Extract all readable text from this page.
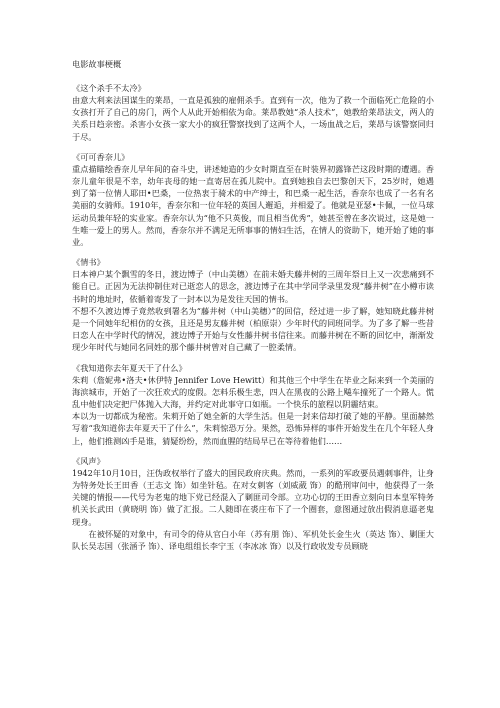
电影故事梗概
《这个杀手不太冷》

由意大利来法国谋生的莱昂，一直是孤独的雇佣杀手。直到有一次，他为了救一个面临死亡危险的小女孩打开了自己的房门，两个人从此开始相依为命。莱昂教她“杀人技术”，她教给莱昂法文，两人的关系日趋亲密。杀害小女孩一家大小的疯狂警察找到了这两个人，一场血战之后，莱昂与该警察同归于尽。

《可可香奈儿》

重点描瞄绘香奈儿早年间的奋斗史，讲述她造的少女时期直至在时装界初露锋芒这段时期的遭遇。香奈儿童年很是不幸，幼年丧母的她一直寄居在孤儿院中。直到她独自去巴黎创天下，25岁时，她遇到了第一位情人耶田•巴桑，一位热衷于骑术的中产绅士，和巴桑一起生活，香奈尔也成了一名有名美丽的女骑师。1910年，香奈尔和一位年轻的英国人邂逅，并相爱了。他就是亚瑟•卡佩，一位马球运动员兼年轻的实业家。香奈尔认为“他不只英俊，而且相当优秀”，她甚至曾在多次说过，这是她一生唯一爱上的男人。然而，香奈尔并不满足无所事事的情妇生活，在情人的资助下，她开始了她的事业。

《情书》

日本神户某个飘雪的冬日，渡边博子（中山美穗）在前未婚夫藤井树的三周年祭日上又一次悲痛到不能自已。正因为无法抑制住对已逝恋人的思念，渡边博子在其中学同学录里发现“藤井树”在小樽市读书时的地址时，依循着寄发了一封本以为是发往天国的情书。

不想不久渡边博子竟然收到署名为“藤井树（中山美穗）”的回信，经过进一步了解，她知晓此藤井树是一个同她年纪相仿的女孩，且还是男友藤井树（柏原崇）少年时代的同班同学。为了多了解一些昔日恋人在中学时代的情况，渡边博子开始与女性藤井树书信往来。而藤井树在不断的回忆中，渐渐发现少年时代与她同名同姓的那个藤井树曾对自己藏了一腔柔情。

《我知道你去年夏天干了什么》

朱莉（詹妮弗•洛夫•休伊特 Jennifer Love Hewitt）和其他三个中学生在毕业之际来到一个美丽的海滨城市，开始了一次狂欢式的度假。怎料乐极生悲，四人在黑夜的公路上飚车撞死了一个路人。慌乱中他们决定把尸体抛入大海，并约定对此事守口如瓶。一个快乐的旅程以阴霾结束。

本以为一切都成为秘密。朱莉开始了她全新的大学生活。但是一封来信却打破了她的平静。里面赫然写着“我知道你去年夏天干了什么”，朱莉惊恐万分。果然，恐怖异样的事件开始发生在几个年轻人身上，他们推测凶手是谁，猜疑纷纷，然而血腥的结局早已在等待着他们……

《风声》

1942年10月10日，汪伪政权举行了盛大的国民政府庆典。然而，一系列的军政要员遇刺事件，让身为特务处长王田香（王志文 饰）如坐针毡。在对女刺客（刘威葳 饰）的酷刑审问中，他获得了一条关键的情报——代号为老鬼的地下党已经混入了剿匪司令部。立功心切的王田香立刻向日本皇军特务机关长武田（黄晓明 饰）做了汇报。二人随即在裘庄布下了一个圈套，意图通过放出假消息逼老鬼现身。

在被怀疑的对象中，有司令的侍从官白小年（苏有朋 饰）、军机处长金生火（英达 饰）、剿匪大队长吴志国（张涵予 饰）、译电组组长李宁玉（李冰冰 饰）以及行政收发专员顾晓
